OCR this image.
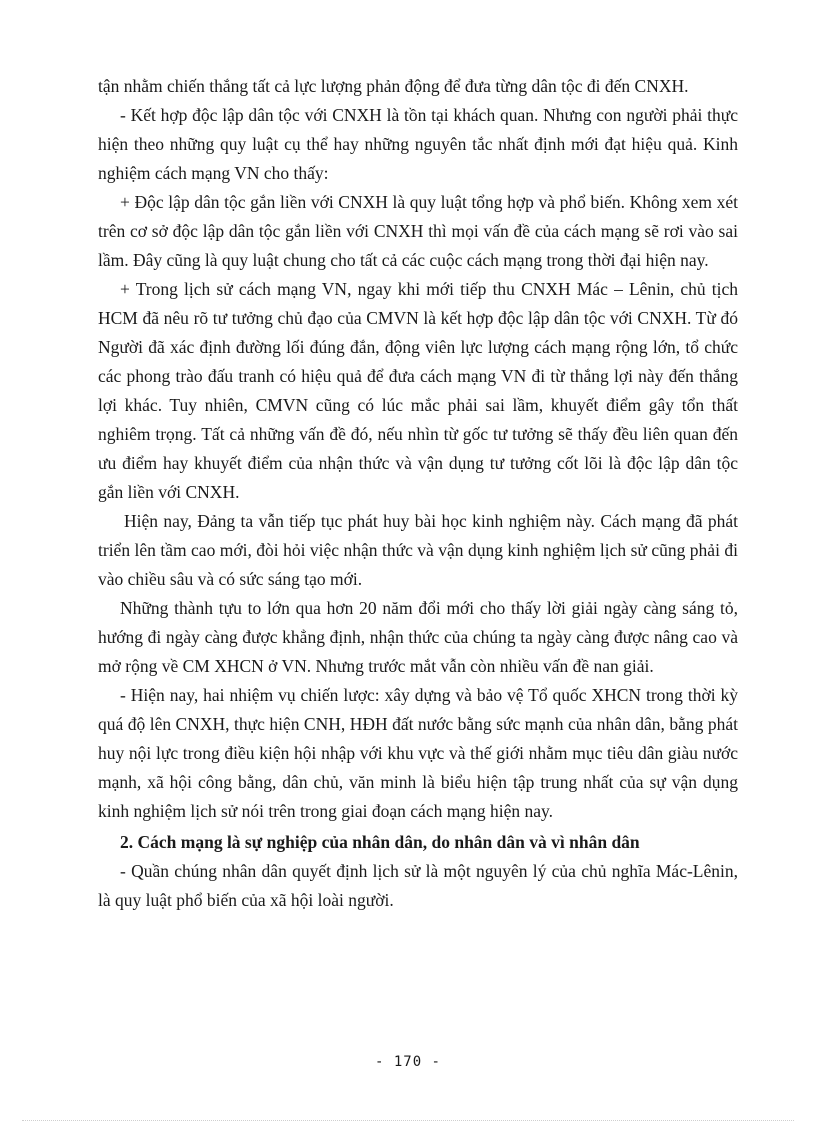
tận nhằm chiến thắng tất cả lực lượng phản động để đưa từng dân tộc đi đến CNXH.

- Kết hợp độc lập dân tộc với CNXH là tồn tại khách quan. Nhưng con người phải thực hiện theo những quy luật cụ thể hay những nguyên tắc nhất định mới đạt hiệu quả. Kinh nghiệm cách mạng VN cho thấy:

+ Độc lập dân tộc gắn liền với CNXH là quy luật tổng hợp và phổ biến. Không xem xét trên cơ sở độc lập dân tộc gắn liền với CNXH thì mọi vấn đề của cách mạng sẽ rơi vào sai lầm. Đây cũng là quy luật chung cho tất cả các cuộc cách mạng trong thời đại hiện nay.

+ Trong lịch sử cách mạng VN, ngay khi mới tiếp thu CNXH Mác – Lênin, chủ tịch HCM đã nêu rõ tư tưởng chủ đạo của CMVN là kết hợp độc lập dân tộc với CNXH. Từ đó Người đã xác định đường lối đúng đắn, động viên lực lượng cách mạng rộng lớn, tổ chức các phong trào đấu tranh có hiệu quả để đưa cách mạng VN đi từ thắng lợi này đến thắng lợi khác. Tuy nhiên, CMVN cũng có lúc mắc phải sai lầm, khuyết điểm gây tổn thất nghiêm trọng. Tất cả những vấn đề đó, nếu nhìn từ gốc tư tưởng sẽ thấy đều liên quan đến ưu điểm hay khuyết điểm của nhận thức và vận dụng tư tưởng cốt lõi là độc lập dân tộc gắn liền với CNXH.

Hiện nay, Đảng ta vẫn tiếp tục phát huy bài học kinh nghiệm này. Cách mạng đã phát triển lên tầm cao mới, đòi hỏi việc nhận thức và vận dụng kinh nghiệm lịch sử cũng phải đi vào chiều sâu và có sức sáng tạo mới.

Những thành tựu to lớn qua hơn 20 năm đổi mới cho thấy lời giải ngày càng sáng tỏ, hướng đi ngày càng được khẳng định, nhận thức của chúng ta ngày càng được nâng cao và mở rộng về CM XHCN ở VN. Nhưng trước mắt vẫn còn nhiều vấn đề nan giải.

- Hiện nay, hai nhiệm vụ chiến lược: xây dựng và bảo vệ Tổ quốc XHCN trong thời kỳ quá độ lên CNXH, thực hiện CNH, HĐH đất nước bằng sức mạnh của nhân dân, bằng phát huy nội lực trong điều kiện hội nhập với khu vực và thế giới nhằm mục tiêu dân giàu nước mạnh, xã hội công bằng, dân chủ, văn minh là biểu hiện tập trung nhất của sự vận dụng kinh nghiệm lịch sử nói trên trong giai đoạn cách mạng hiện nay.

2. Cách mạng là sự nghiệp của nhân dân, do nhân dân và vì nhân dân

- Quần chúng nhân dân quyết định lịch sử là một nguyên lý của chủ nghĩa Mác-Lênin, là quy luật phổ biến của xã hội loài người.

- 170 -
